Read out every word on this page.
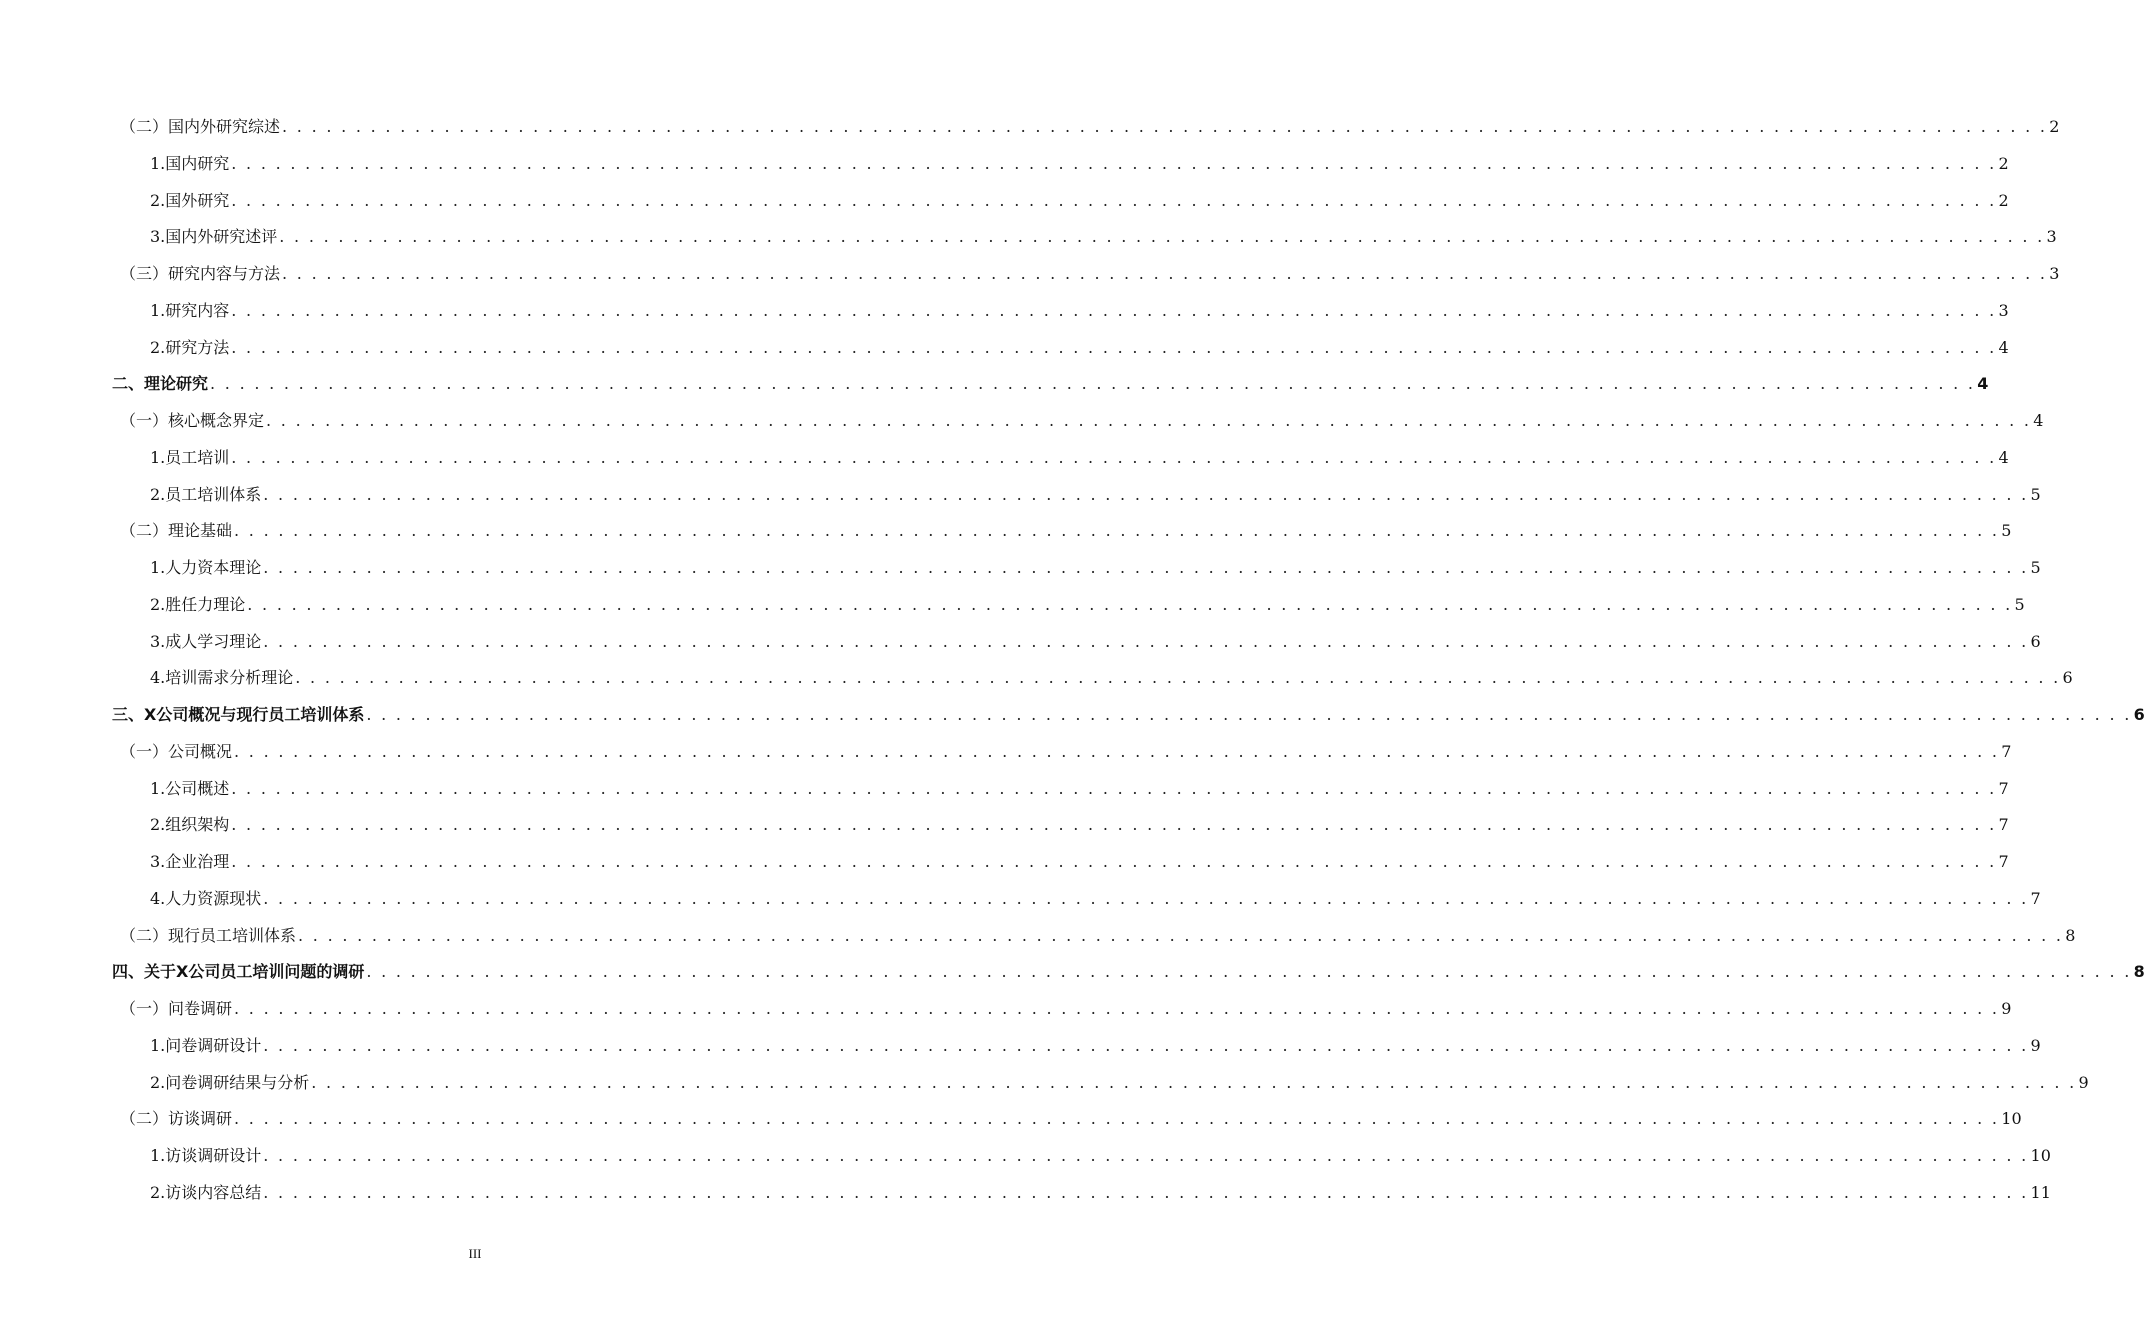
（二） 国内外研究综述 . . . . . . . . . . . . . . . . . . . . . . . . . . . . . . . . . . . . . . . . . . . . . . . . . . . . . . . . . . . . . . . . . . . . . . . . . . . . . . . . . . . . . . . . . . . . . . . . . . . . . . . . . . . . . . . . . . . . . . . . 2
1. 国内研究 . . . . . . . . . . . . . . . . . . . . . . . . . . . . . . . . . . . . . . . . . . . . . . . . . . . . . . . . . . . . . . . . . . . . . . . . . . . . . . . . . . . . . . . . . . . . . . . . . . . . . . . . . . . . . . . . . . . . . . . . 2
2. 国外研究 . . . . . . . . . . . . . . . . . . . . . . . . . . . . . . . . . . . . . . . . . . . . . . . . . . . . . . . . . . . . . . . . . . . . . . . . . . . . . . . . . . . . . . . . . . . . . . . . . . . . . . . . . . . . . . . . . . . . . . . . 2
3. 国内外研究述评 . . . . . . . . . . . . . . . . . . . . . . . . . . . . . . . . . . . . . . . . . . . . . . . . . . . . . . . . . . . . . . . . . . . . . . . . . . . . . . . . . . . . . . . . . . . . . . . . . . . . . . . . . . . . . . . . . . . . . . . . 3
（三） 研究内容与方法 . . . . . . . . . . . . . . . . . . . . . . . . . . . . . . . . . . . . . . . . . . . . . . . . . . . . . . . . . . . . . . . . . . . . . . . . . . . . . . . . . . . . . . . . . . . . . . . . . . . . . . . . . . . . . . . . . . . . . . . . 3
1. 研究内容 . . . . . . . . . . . . . . . . . . . . . . . . . . . . . . . . . . . . . . . . . . . . . . . . . . . . . . . . . . . . . . . . . . . . . . . . . . . . . . . . . . . . . . . . . . . . . . . . . . . . . . . . . . . . . . . . . . . . . . . . 3
2. 研究方法 . . . . . . . . . . . . . . . . . . . . . . . . . . . . . . . . . . . . . . . . . . . . . . . . . . . . . . . . . . . . . . . . . . . . . . . . . . . . . . . . . . . . . . . . . . . . . . . . . . . . . . . . . . . . . . . . . . . . . . . . 4
二、 理论研究 . . . . . . . . . . . . . . . . . . . . . . . . . . . . . . . . . . . . . . . . . . . . . . . . . . . . . . . . . . . . . . . . . . . . . . . . . . . . . . . . . . . . . . . . . . . . . . . . . . . . . . . . . . . . . . . . . . . . . . . . 4
（一） 核心概念界定 . . . . . . . . . . . . . . . . . . . . . . . . . . . . . . . . . . . . . . . . . . . . . . . . . . . . . . . . . . . . . . . . . . . . . . . . . . . . . . . . . . . . . . . . . . . . . . . . . . . . . . . . . . . . . . . . . . . . . . . . 4
1. 员工培训 . . . . . . . . . . . . . . . . . . . . . . . . . . . . . . . . . . . . . . . . . . . . . . . . . . . . . . . . . . . . . . . . . . . . . . . . . . . . . . . . . . . . . . . . . . . . . . . . . . . . . . . . . . . . . . . . . . . . . . . . 4
2. 员工培训体系 . . . . . . . . . . . . . . . . . . . . . . . . . . . . . . . . . . . . . . . . . . . . . . . . . . . . . . . . . . . . . . . . . . . . . . . . . . . . . . . . . . . . . . . . . . . . . . . . . . . . . . . . . . . . . . . . . . . . . . . . 5
（二） 理论基础 . . . . . . . . . . . . . . . . . . . . . . . . . . . . . . . . . . . . . . . . . . . . . . . . . . . . . . . . . . . . . . . . . . . . . . . . . . . . . . . . . . . . . . . . . . . . . . . . . . . . . . . . . . . . . . . . . . . . . . . . 5
1. 人力资本理论 . . . . . . . . . . . . . . . . . . . . . . . . . . . . . . . . . . . . . . . . . . . . . . . . . . . . . . . . . . . . . . . . . . . . . . . . . . . . . . . . . . . . . . . . . . . . . . . . . . . . . . . . . . . . . . . . . . . . . . . . 5
2. 胜任力理论 . . . . . . . . . . . . . . . . . . . . . . . . . . . . . . . . . . . . . . . . . . . . . . . . . . . . . . . . . . . . . . . . . . . . . . . . . . . . . . . . . . . . . . . . . . . . . . . . . . . . . . . . . . . . . . . . . . . . . . . . 5
3. 成人学习理论 . . . . . . . . . . . . . . . . . . . . . . . . . . . . . . . . . . . . . . . . . . . . . . . . . . . . . . . . . . . . . . . . . . . . . . . . . . . . . . . . . . . . . . . . . . . . . . . . . . . . . . . . . . . . . . . . . . . . . . . . 6
4. 培训需求分析理论 . . . . . . . . . . . . . . . . . . . . . . . . . . . . . . . . . . . . . . . . . . . . . . . . . . . . . . . . . . . . . . . . . . . . . . . . . . . . . . . . . . . . . . . . . . . . . . . . . . . . . . . . . . . . . . . . . . . . . . . . 6
三、 X公司概况与现行员工培训体系 . . . . . . . . . . . . . . . . . . . . . . . . . . . . . . . . . . . . . . . . . . . . . . . . . . . . . . . . . . . . . . . . . . . . . . . . . . . . . . . . . . . . . . . . . . . . . . . . . . . . . . . . . . . . . . . . . . . . . . . . 6
（一） 公司概况 . . . . . . . . . . . . . . . . . . . . . . . . . . . . . . . . . . . . . . . . . . . . . . . . . . . . . . . . . . . . . . . . . . . . . . . . . . . . . . . . . . . . . . . . . . . . . . . . . . . . . . . . . . . . . . . . . . . . . . . . 7
1. 公司概述 . . . . . . . . . . . . . . . . . . . . . . . . . . . . . . . . . . . . . . . . . . . . . . . . . . . . . . . . . . . . . . . . . . . . . . . . . . . . . . . . . . . . . . . . . . . . . . . . . . . . . . . . . . . . . . . . . . . . . . . . 7
2. 组织架构 . . . . . . . . . . . . . . . . . . . . . . . . . . . . . . . . . . . . . . . . . . . . . . . . . . . . . . . . . . . . . . . . . . . . . . . . . . . . . . . . . . . . . . . . . . . . . . . . . . . . . . . . . . . . . . . . . . . . . . . . 7
3. 企业治理 . . . . . . . . . . . . . . . . . . . . . . . . . . . . . . . . . . . . . . . . . . . . . . . . . . . . . . . . . . . . . . . . . . . . . . . . . . . . . . . . . . . . . . . . . . . . . . . . . . . . . . . . . . . . . . . . . . . . . . . . 7
4. 人力资源现状 . . . . . . . . . . . . . . . . . . . . . . . . . . . . . . . . . . . . . . . . . . . . . . . . . . . . . . . . . . . . . . . . . . . . . . . . . . . . . . . . . . . . . . . . . . . . . . . . . . . . . . . . . . . . . . . . . . . . . . . . 7
（二） 现行员工培训体系 . . . . . . . . . . . . . . . . . . . . . . . . . . . . . . . . . . . . . . . . . . . . . . . . . . . . . . . . . . . . . . . . . . . . . . . . . . . . . . . . . . . . . . . . . . . . . . . . . . . . . . . . . . . . . . . . . . . . . . . . 8
四、 关于X公司员工培训问题的调研 . . . . . . . . . . . . . . . . . . . . . . . . . . . . . . . . . . . . . . . . . . . . . . . . . . . . . . . . . . . . . . . . . . . . . . . . . . . . . . . . . . . . . . . . . . . . . . . . . . . . . . . . . . . . . . . . . . . . . . . . 8
（一） 问卷调研 . . . . . . . . . . . . . . . . . . . . . . . . . . . . . . . . . . . . . . . . . . . . . . . . . . . . . . . . . . . . . . . . . . . . . . . . . . . . . . . . . . . . . . . . . . . . . . . . . . . . . . . . . . . . . . . . . . . . . . . . 9
1. 问卷调研设计 . . . . . . . . . . . . . . . . . . . . . . . . . . . . . . . . . . . . . . . . . . . . . . . . . . . . . . . . . . . . . . . . . . . . . . . . . . . . . . . . . . . . . . . . . . . . . . . . . . . . . . . . . . . . . . . . . . . . . . . . 9
2. 问卷调研结果与分析 . . . . . . . . . . . . . . . . . . . . . . . . . . . . . . . . . . . . . . . . . . . . . . . . . . . . . . . . . . . . . . . . . . . . . . . . . . . . . . . . . . . . . . . . . . . . . . . . . . . . . . . . . . . . . . . . . . . . . . . . 9
（二） 访谈调研 . . . . . . . . . . . . . . . . . . . . . . . . . . . . . . . . . . . . . . . . . . . . . . . . . . . . . . . . . . . . . . . . . . . . . . . . . . . . . . . . . . . . . . . . . . . . . . . . . . . . . . . . . . . . . . . . . . . . . . . . 10
1. 访谈调研设计 . . . . . . . . . . . . . . . . . . . . . . . . . . . . . . . . . . . . . . . . . . . . . . . . . . . . . . . . . . . . . . . . . . . . . . . . . . . . . . . . . . . . . . . . . . . . . . . . . . . . . . . . . . . . . . . . . . . . . . . . 10
2. 访谈内容总结 . . . . . . . . . . . . . . . . . . . . . . . . . . . . . . . . . . . . . . . . . . . . . . . . . . . . . . . . . . . . . . . . . . . . . . . . . . . . . . . . . . . . . . . . . . . . . . . . . . . . . . . . . . . . . . . . . . . . . . . . 11
III
